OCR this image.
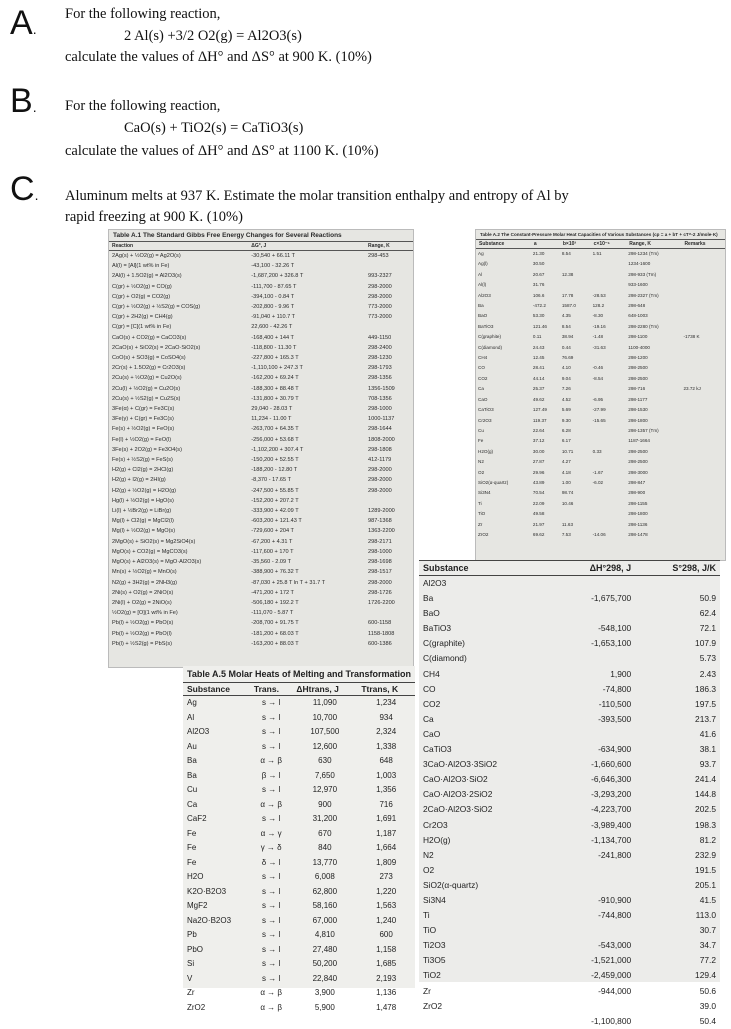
A.
For the following reaction,
2 Al(s) +3/2 O2(g) = Al2O3(s)
calculate the values of ΔH° and ΔS° at 900 K. (10%)
B. For the following reaction,
CaO(s) + TiO2(s) = CaTiO3(s)
calculate the values of ΔH° and ΔS° at 1100 K. (10%)
C. Aluminum melts at 937 K. Estimate the molar transition enthalpy and entropy of Al by
rapid freezing at 900 K. (10%)
Table A.1 The Standard Gibbs Free Energy Changes for Several Reactions
Reaction	ΔG°, J	Range, K
2Ag(s) + ½O2(g) = Ag2O(s)	-30,540 + 66.11 T	298-453
Al(l) = [Al](1 wt% in Fe)	-43,100 - 32.26 T	
2Al(l) + 1.5O2(g) = Al2O3(s)	-1,687,200 + 326.8 T	993-2327
C(gr) + ½O2(g) = CO(g)	-111,700 - 87.65 T	298-2000
C(gr) + O2(g) = CO2(g)	-394,100 - 0.84 T	298-2000
C(gr) + ½O2(g) + ½S2(g) = COS(g)	-202,800 - 9.96 T	773-2000
C(gr) + 2H2(g) = CH4(g)	-91,040 + 110.7 T	773-2000
C(gr) = [C](1 wt% in Fe)	22,600 - 42.26 T	
CaO(s) + CO2(g) = CaCO3(s)	-168,400 + 144 T	449-1150
2CaO(s) + SiO2(s) = 2CaO·SiO2(s)	-118,800 - 11.30 T	298-2400
CoO(s) + SO3(g) = CoSO4(s)	-227,800 + 165.3 T	298-1230
2Cr(s) + 1.5O2(g) = Cr2O3(s)	-1,110,100 + 247.3 T	298-1793
2Cu(s) + ½O2(g) = Cu2O(s)	-162,200 + 69.24 T	298-1356
2Cu(l) + ½O2(g) = Cu2O(s)	-188,300 + 88.48 T	1356-1509
2Cu(s) + ½S2(g) = Cu2S(s)	-131,800 + 30.79 T	708-1356
3Fe(α) + C(gr) = Fe3C(s)	29,040 - 28.03 T	298-1000
3Fe(γ) + C(gr) = Fe3C(s)	11,234 - 11.00 T	1000-1137
Fe(s) + ½O2(g) = FeO(s)	-263,700 + 64.35 T	298-1644
Fe(l) + ½O2(g) = FeO(l)	-256,000 + 53.68 T	1808-2000
3Fe(s) + 2O2(g) = Fe3O4(s)	-1,102,200 + 307.4 T	298-1808
Fe(s) + ½S2(g) = FeS(s)	-150,200 + 52.55 T	412-1179
H2(g) + Cl2(g) = 2HCl(g)	-188,200 - 12.80 T	298-2000
H2(g) + I2(g) = 2HI(g)	-8,370 - 17.65 T	298-2000
H2(g) + ½O2(g) = H2O(g)	-247,500 + 55.85 T	298-2000
Hg(l) + ½O2(g) = HgO(s)	-152,200 + 207.2 T	
Li(l) + ½Br2(g) = LiBr(g)	-333,900 + 42.09 T	1289-2000
Mg(l) + Cl2(g) = MgCl2(l)	-603,200 + 121.43 T	987-1368
Mg(l) + ½O2(g) = MgO(s)	-729,600 + 204 T	1363-2200
2MgO(s) + SiO2(s) = Mg2SiO4(s)	-67,200 + 4.31 T	298-2171
MgO(s) + CO2(g) = MgCO3(s)	-117,600 + 170 T	298-1000
MgO(s) + Al2O3(s) = MgO·Al2O3(s)	-35,560 - 2.09 T	298-1698
Mn(s) + ½O2(g) = MnO(s)	-388,900 + 76.32 T	298-1517
N2(g) + 3H2(g) = 2NH3(g)	-87,030 + 25.8 T ln T + 31.7 T	298-2000
2Ni(s) + O2(g) = 2NiO(s)	-471,200 + 172 T	298-1726
2Ni(l) + O2(g) = 2NiO(s)	-506,180 + 192.2 T	1726-2200
½O2(g) = [O](1 wt% in Fe)	-111,070 - 5.87 T	
Pb(l) + ½O2(g) = PbO(s)	-208,700 + 91.75 T	600-1158
Pb(l) + ½O2(g) = PbO(l)	-181,200 + 68.03 T	1158-1808
Pb(l) + ½S2(g) = PbS(s)	-163,200 + 88.03 T	600-1386
Table A.2 The Constant-Pressure Molar Heat Capacities of Various Substances (cp = a + bT + cT^-2 J/mole·K)
Substance	a	b×10³	c×10⁻⁵	Range, K	Remarks
Ag	21.30	8.54	1.51	298-1234 (Tm)	
Ag(l)	30.50			1234-1600	
Al	20.67	12.38		298-933 (Tm)	
Al(l)	31.76			933-1600	
Al2O3	106.6	17.78	-28.53	298-2327 (Tm)	
Ba	-472.2	1587.0	128.2	298-648	
BaO	53.30	4.35	-8.30	648-1003	
BaTiO3	121.46	8.54	-19.16	298-2280 (Tm)	
C(graphite)	0.11	38.94	-1.48	298-1100	-1738 K
C(diamond)	24.43	0.44	-31.63	1100-4000	
CH4	12.45	76.69		298-1200	
CO	28.41	4.10	-0.46	298-2500	
CO2	44.14	9.04	-8.54	298-2500	
Ca	25.37	7.26		298-716	23.72 kJ
CaO	49.62	4.52	-6.95	298-1177	
CaTiO3	127.49	5.69	-27.99	298-1530	
Cr2O3	119.37	9.30	-15.65	298-1800	
Cu	22.64	6.28		298-1357 (Tm)	
Fe	37.12	6.17		1187-1664	
H2O(g)	30.00	10.71	0.33	298-2500	
N2	27.87	4.27		298-2500	
O2	29.96	4.18	-1.67	298-3000	
SiO2(α-quartz)	43.89	1.00	-6.02	298-847	
Si3N4	70.54	98.74		298-900	
Ti	22.09	10.46		298-1155	
TiO	49.58			298-1800	
Zr	21.97	11.63		298-1136	
ZrO2	69.62	7.53	-14.06	298-1478	
Substance	ΔH°298, J	S°298, J/K
Al2O3		
Ba	-1,675,700	50.9
BaO		62.4
BaTiO3	-548,100	72.1
C(graphite)	-1,653,100	107.9
C(diamond)		5.73
CH4	1,900	2.43
CO	-74,800	186.3
CO2	-110,500	197.5
Ca	-393,500	213.7
CaO		41.6
CaTiO3	-634,900	38.1
3CaO·Al2O3·3SiO2	-1,660,600	93.7
CaO·Al2O3·SiO2	-6,646,300	241.4
CaO·Al2O3·2SiO2	-3,293,200	144.8
2CaO·Al2O3·SiO2	-4,223,700	202.5
Cr2O3	-3,989,400	198.3
H2O(g)	-1,134,700	81.2
N2	-241,800	232.9
O2		191.5
SiO2(α-quartz)		205.1
Si3N4	-910,900	41.5
Ti	-744,800	113.0
TiO		30.7
Ti2O3	-543,000	34.7
Ti3O5	-1,521,000	77.2
TiO2	-2,459,000	129.4
Zr	-944,000	50.6
ZrO2		39.0
	-1,100,800	50.4
Table A.5 Molar Heats of Melting and Transformation
Substance	Trans.	ΔHtrans, J	Ttrans, K
Ag	s → l	11,090	1,234
Al	s → l	10,700	934
Al2O3	s → l	107,500	2,324
Au	s → l	12,600	1,338
Ba	α → β	630	648
Ba	β → l	7,650	1,003
Cu	s → l	12,970	1,356
Ca	α → β	900	716
CaF2	s → l	31,200	1,691
Fe	α → γ	670	1,187
Fe	γ → δ	840	1,664
Fe	δ → l	13,770	1,809
H2O	s → l	6,008	273
K2O·B2O3	s → l	62,800	1,220
MgF2	s → l	58,160	1,563
Na2O·B2O3	s → l	67,000	1,240
Pb	s → l	4,810	600
PbO	s → l	27,480	1,158
Si	s → l	50,200	1,685
V	s → l	22,840	2,193
Zr	α → β	3,900	1,136
ZrO2	α → β	5,900	1,478
